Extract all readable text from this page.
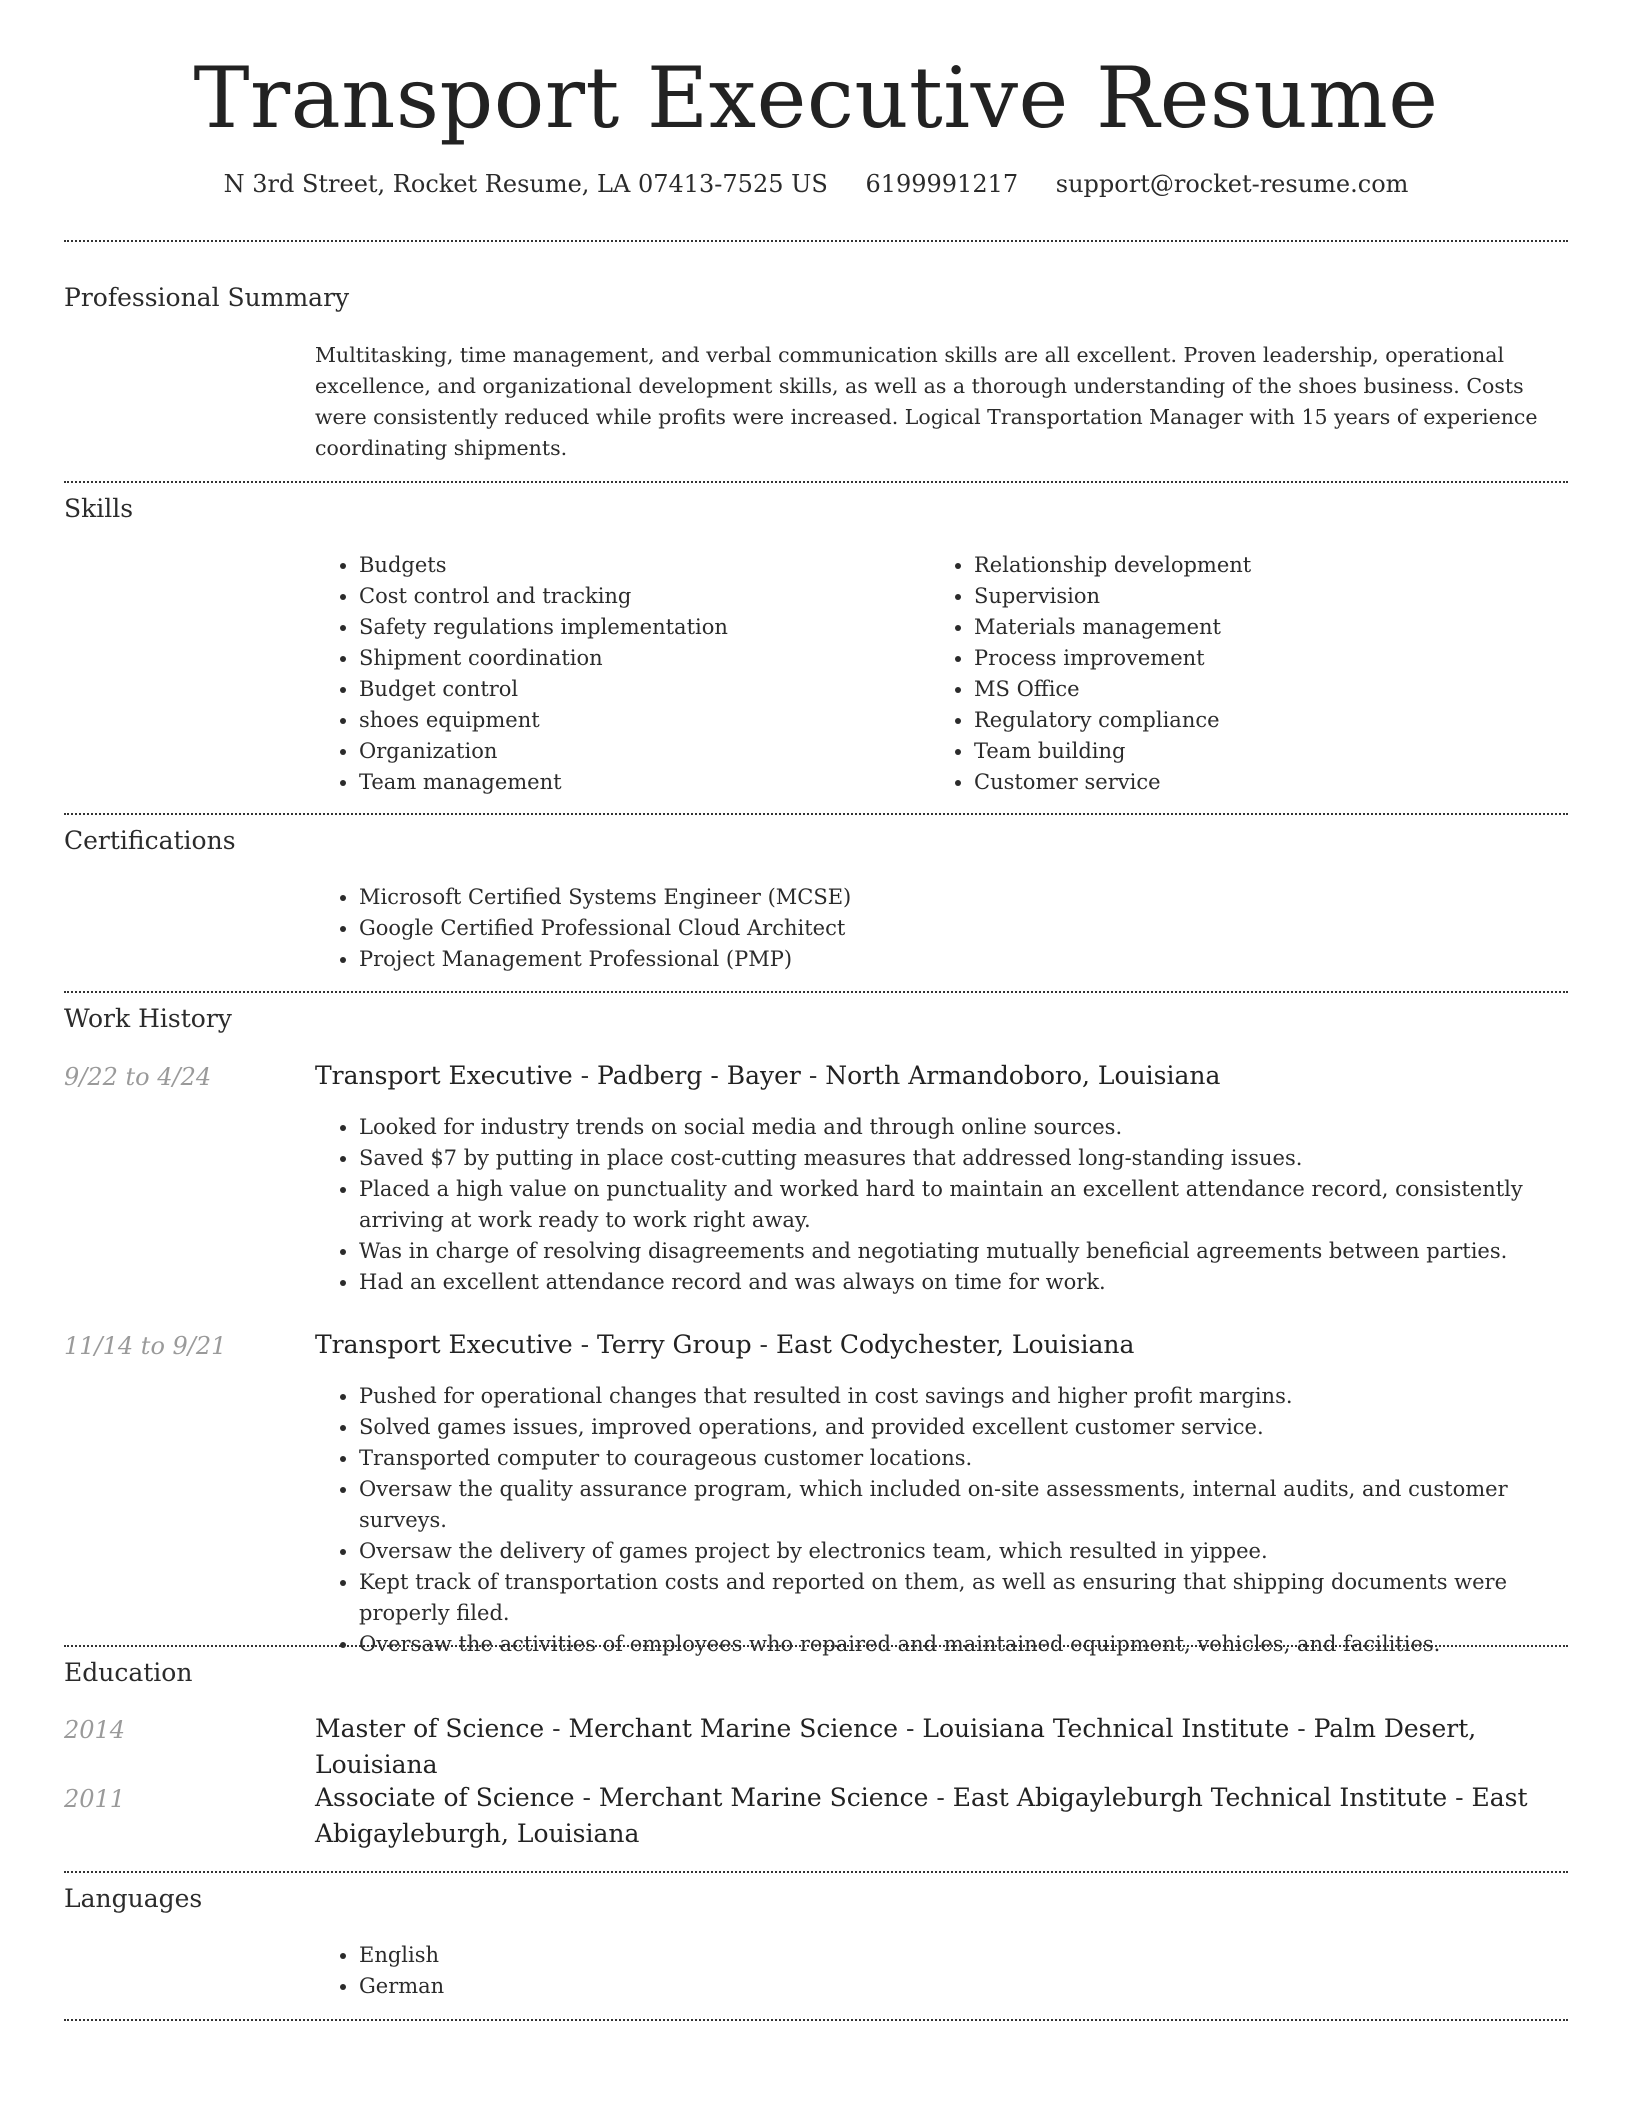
Transport Executive Resume
N 3rd Street, Rocket Resume, LA 07413-7525 US 6199991217 support@rocket-resume.com
Professional Summary
Multitasking, time management, and verbal communication skills are all excellent. Proven leadership, operational excellence, and organizational development skills, as well as a thorough understanding of the shoes business. Costs were consistently reduced while profits were increased. Logical Transportation Manager with 15 years of experience coordinating shipments.
Skills
• Budgets
• Cost control and tracking
• Safety regulations implementation
• Shipment coordination
• Budget control
• shoes equipment
• Organization
• Team management
• Relationship development
• Supervision
• Materials management
• Process improvement
• MS Office
• Regulatory compliance
• Team building
• Customer service
Certifications
• Microsoft Certified Systems Engineer (MCSE)
• Google Certified Professional Cloud Architect
• Project Management Professional (PMP)
Work History
9/22 to 4/24	Transport Executive - Padberg - Bayer - North Armandoboro, Louisiana
• Looked for industry trends on social media and through online sources.
• Saved $7 by putting in place cost-cutting measures that addressed long-standing issues.
• Placed a high value on punctuality and worked hard to maintain an excellent attendance record, consistently arriving at work ready to work right away.
• Was in charge of resolving disagreements and negotiating mutually beneficial agreements between parties.
• Had an excellent attendance record and was always on time for work.
11/14 to 9/21	Transport Executive - Terry Group - East Codychester, Louisiana
• Pushed for operational changes that resulted in cost savings and higher profit margins.
• Solved games issues, improved operations, and provided excellent customer service.
• Transported computer to courageous customer locations.
• Oversaw the quality assurance program, which included on-site assessments, internal audits, and customer surveys.
• Oversaw the delivery of games project by electronics team, which resulted in yippee.
• Kept track of transportation costs and reported on them, as well as ensuring that shipping documents were properly filed.
• Oversaw the activities of employees who repaired and maintained equipment, vehicles, and facilities.
Education
2014	Master of Science - Merchant Marine Science - Louisiana Technical Institute - Palm Desert, Louisiana
2011	Associate of Science - Merchant Marine Science - East Abigayleburgh Technical Institute - East Abigayleburgh, Louisiana
Languages
• English
• German
